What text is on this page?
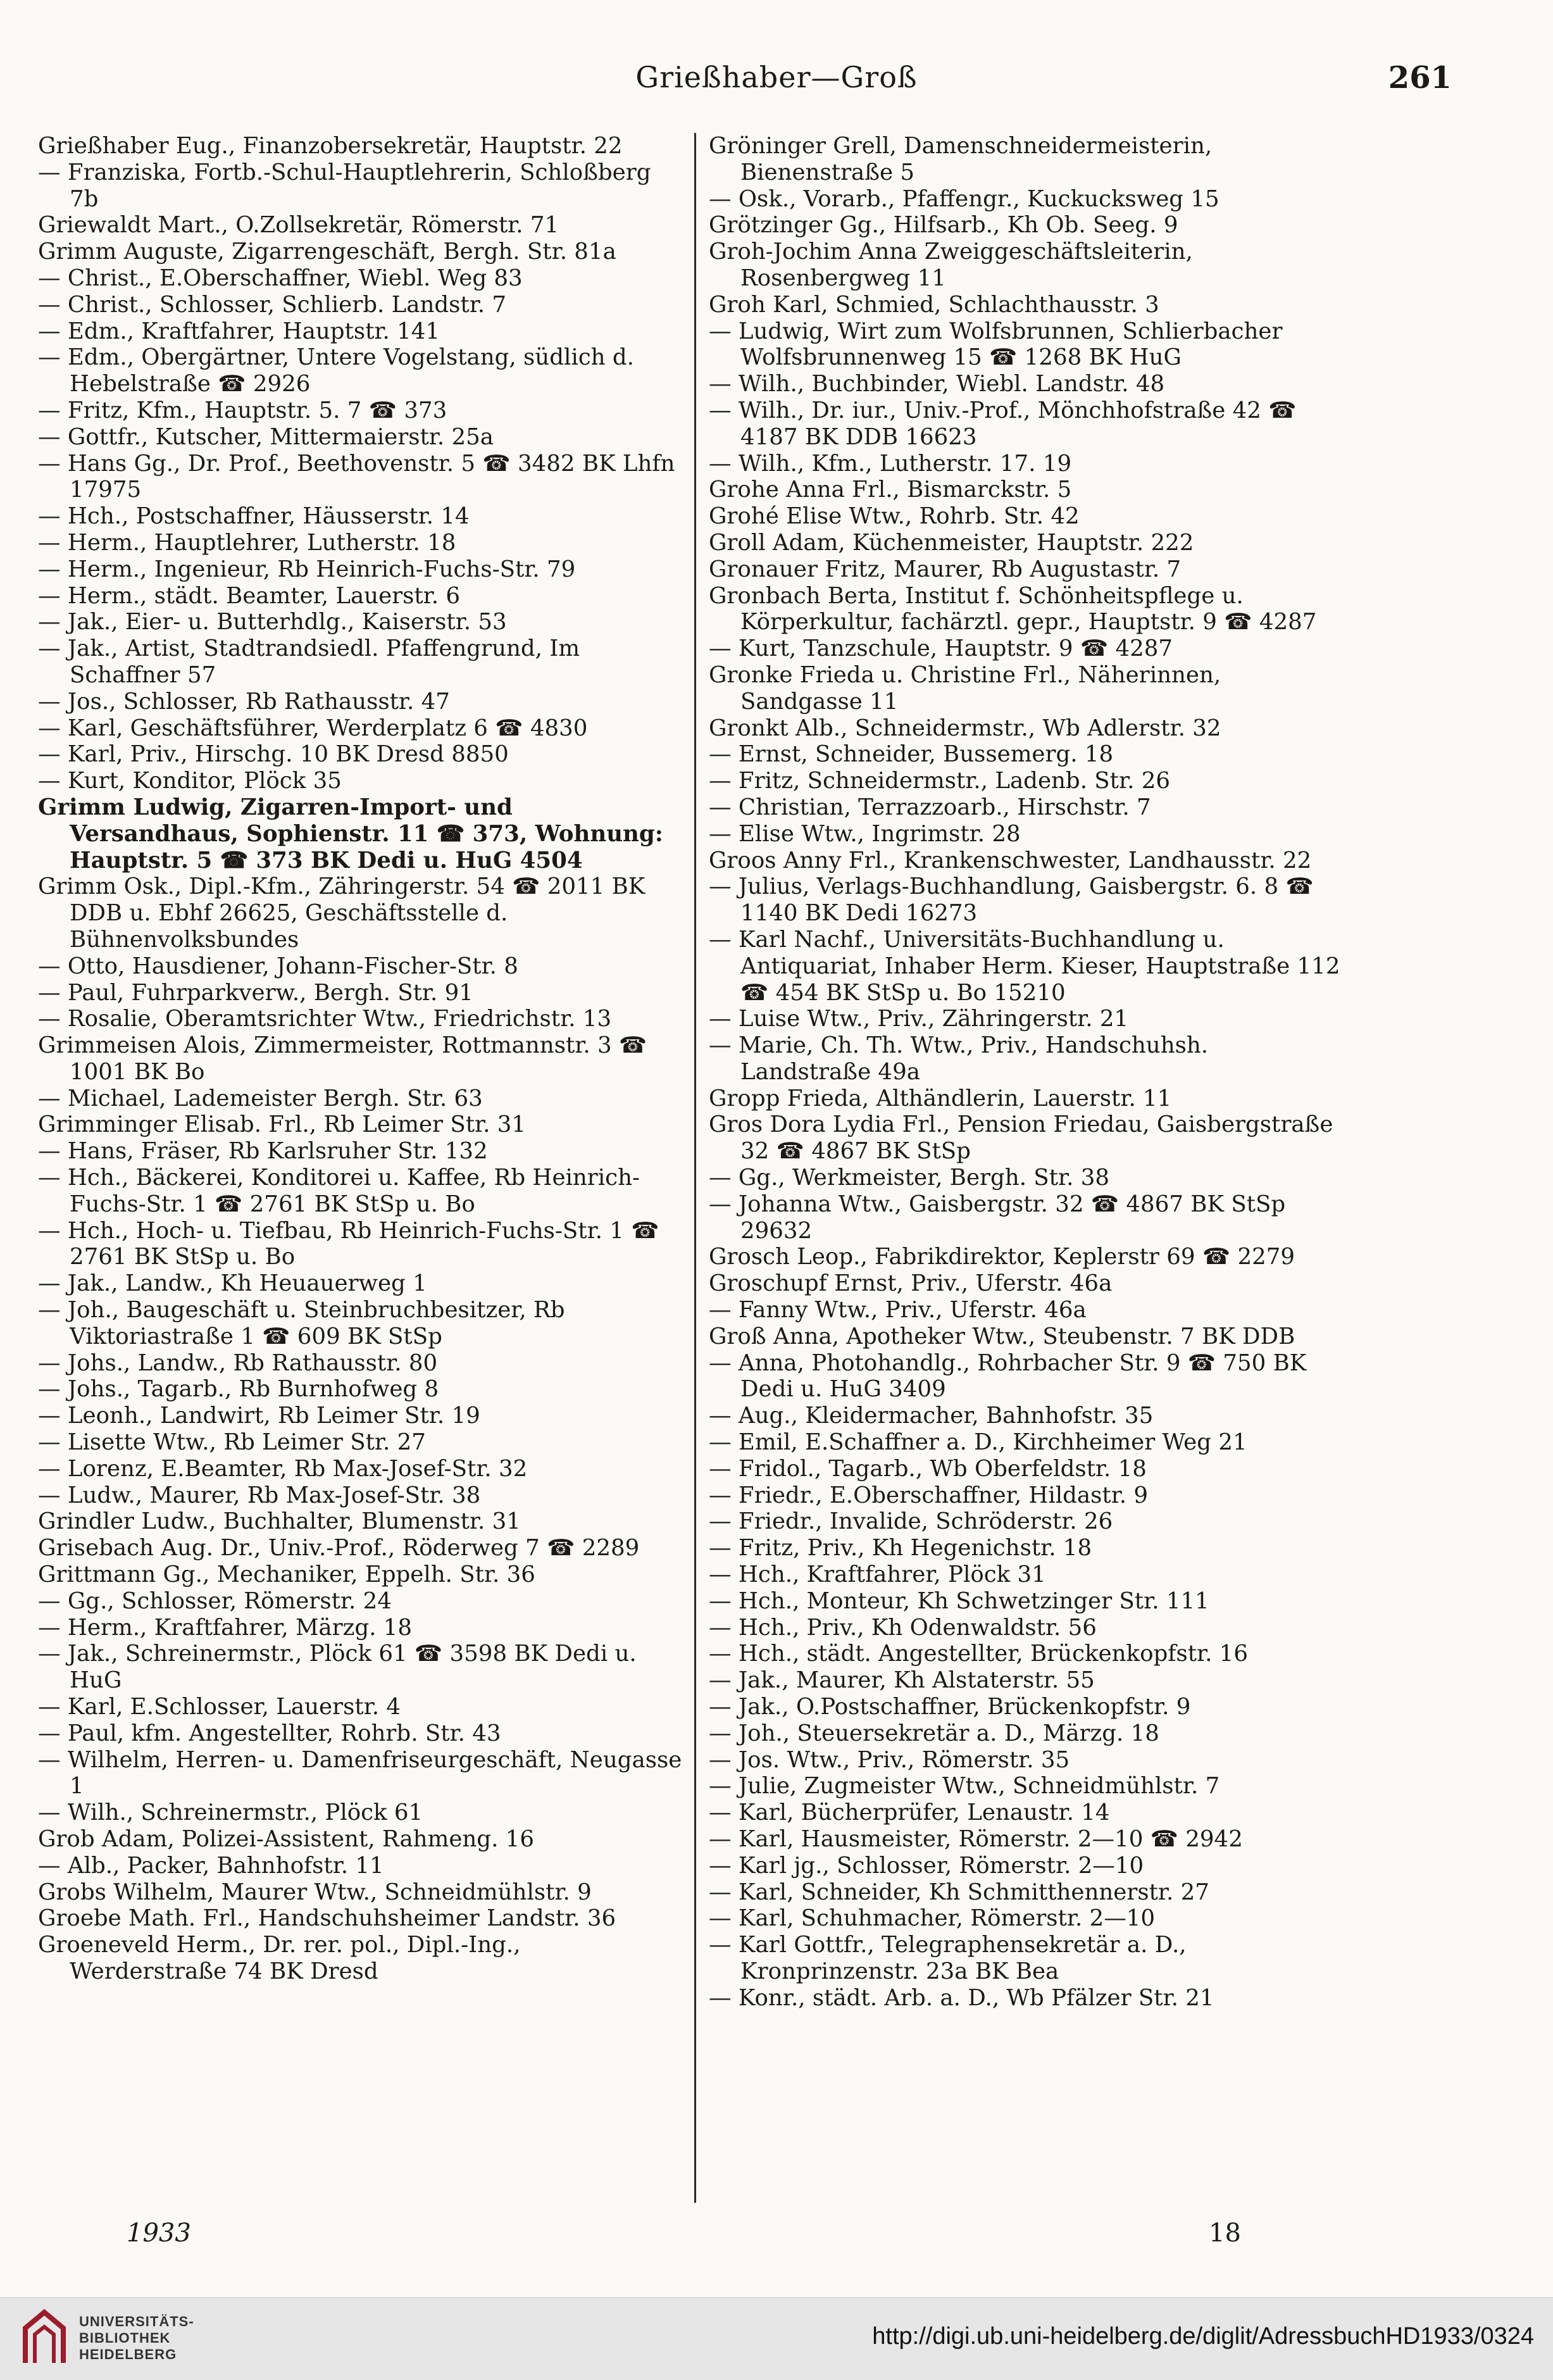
Grießhaber—Groß	261
Grießhaber Eug., Finanzobersekretär, Hauptstr. 22
— Franziska, Fortb.-Schul-Hauptlehrerin, Schloßberg 7b
Griewaldt Mart., O.Zollsekretär, Römerstr. 71
Grimm Auguste, Zigarrengeschäft, Bergh. Str. 81a
— Christ., E.Oberschaffner, Wiebl. Weg 83
— Christ., Schlosser, Schlierb. Landstr. 7
— Edm., Kraftfahrer, Hauptstr. 141
— Edm., Obergärtner, Untere Vogelstang, südlich d. Hebelstraße ☎ 2926
— Fritz, Kfm., Hauptstr. 5. 7 ☎ 373
— Gottfr., Kutscher, Mittermaierstr. 25a
— Hans Gg., Dr. Prof., Beethovenstr. 5 ☎ 3482 BK Lhfn 17975
— Hch., Postschaffner, Häusserstr. 14
— Herm., Hauptlehrer, Lutherstr. 18
— Herm., Ingenieur, Rb Heinrich-Fuchs-Str. 79
— Herm., städt. Beamter, Lauerstr. 6
— Jak., Eier- u. Butterhdlg., Kaiserstr. 53
— Jak., Artist, Stadtrandsiedl. Pfaffengrund, Im Schaffner 57
— Jos., Schlosser, Rb Rathausstr. 47
— Karl, Geschäftsführer, Werderplatz 6 ☎ 4830
— Karl, Priv., Hirschg. 10 BK Dresd 8850
— Kurt, Konditor, Plöck 35
Grimm Ludwig, Zigarren-Import- und Versandhaus, Sophienstr. 11 ☎ 373, Wohnung: Hauptstr. 5 ☎ 373 BK Dedi u. HuG 4504
Grimm Osk., Dipl.-Kfm., Zähringerstr. 54 ☎ 2011 BK DDB u. Ebhf 26625, Geschäftsstelle d. Bühnenvolksbundes
— Otto, Hausdiener, Johann-Fischer-Str. 8
— Paul, Fuhrparkverw., Bergh. Str. 91
— Rosalie, Oberamtsrichter Wtw., Friedrichstr. 13
Grimmeisen Alois, Zimmermeister, Rottmannstr. 3 ☎ 1001 BK Bo
— Michael, Lademeister Bergh. Str. 63
Grimminger Elisab. Frl., Rb Leimer Str. 31
— Hans, Fräser, Rb Karlsruher Str. 132
— Hch., Bäckerei, Konditorei u. Kaffee, Rb Heinrich-Fuchs-Str. 1 ☎ 2761 BK StSp u. Bo
— Hch., Hoch- u. Tiefbau, Rb Heinrich-Fuchs-Str. 1 ☎ 2761 BK StSp u. Bo
— Jak., Landw., Kh Heuauerweg 1
— Joh., Baugeschäft u. Steinbruchbesitzer, Rb Viktoriastraße 1 ☎ 609 BK StSp
— Johs., Landw., Rb Rathausstr. 80
— Johs., Tagarb., Rb Burnhofweg 8
— Leonh., Landwirt, Rb Leimer Str. 19
— Lisette Wtw., Rb Leimer Str. 27
— Lorenz, E.Beamter, Rb Max-Josef-Str. 32
— Ludw., Maurer, Rb Max-Josef-Str. 38
Grindler Ludw., Buchhalter, Blumenstr. 31
Grisebach Aug. Dr., Univ.-Prof., Röderweg 7 ☎ 2289
Grittmann Gg., Mechaniker, Eppelh. Str. 36
— Gg., Schlosser, Römerstr. 24
— Herm., Kraftfahrer, Märzg. 18
— Jak., Schreinermstr., Plöck 61 ☎ 3598 BK Dedi u. HuG
— Karl, E.Schlosser, Lauerstr. 4
— Paul, kfm. Angestellter, Rohrb. Str. 43
— Wilhelm, Herren- u. Damenfriseurgeschäft, Neugasse 1
— Wilh., Schreinermstr., Plöck 61
Grob Adam, Polizei-Assistent, Rahmeng. 16
— Alb., Packer, Bahnhofstr. 11
Grobs Wilhelm, Maurer Wtw., Schneidmühlstr. 9
Groebe Math. Frl., Handschuhsheimer Landstr. 36
Groeneveld Herm., Dr. rer. pol., Dipl.-Ing., Werderstraße 74 BK Dresd
Gröninger Grell, Damenschneidermeisterin, Bienenstraße 5
— Osk., Vorarb., Pfaffengr., Kuckucksweg 15
Grötzinger Gg., Hilfsarb., Kh Ob. Seeg. 9
Groh-Jochim Anna Zweiggeschäftsleiterin, Rosenbergweg 11
Groh Karl, Schmied, Schlachthausstr. 3
— Ludwig, Wirt zum Wolfsbrunnen, Schlierbacher Wolfsbrunnenweg 15 ☎ 1268 BK HuG
— Wilh., Buchbinder, Wiebl. Landstr. 48
— Wilh., Dr. iur., Univ.-Prof., Mönchhofstraße 42 ☎ 4187 BK DDB 16623
— Wilh., Kfm., Lutherstr. 17. 19
Grohe Anna Frl., Bismarckstr. 5
Grohé Elise Wtw., Rohrb. Str. 42
Groll Adam, Küchenmeister, Hauptstr. 222
Gronauer Fritz, Maurer, Rb Augustastr. 7
Gronbach Berta, Institut f. Schönheitspflege u. Körperkultur, fachärztl. gepr., Hauptstr. 9 ☎ 4287
— Kurt, Tanzschule, Hauptstr. 9 ☎ 4287
Gronke Frieda u. Christine Frl., Näherinnen, Sandgasse 11
Gronkt Alb., Schneidermstr., Wb Adlerstr. 32
— Ernst, Schneider, Bussemerg. 18
— Fritz, Schneidermstr., Ladenb. Str. 26
— Christian, Terrazzoarb., Hirschstr. 7
— Elise Wtw., Ingrimstr. 28
Groos Anny Frl., Krankenschwester, Landhausstr. 22
— Julius, Verlags-Buchhandlung, Gaisbergstr. 6. 8 ☎ 1140 BK Dedi 16273
— Karl Nachf., Universitäts-Buchhandlung u. Antiquariat, Inhaber Herm. Kieser, Hauptstraße 112 ☎ 454 BK StSp u. Bo 15210
— Luise Wtw., Priv., Zähringerstr. 21
— Marie, Ch. Th. Wtw., Priv., Handschuhsh. Landstraße 49a
Gropp Frieda, Althändlerin, Lauerstr. 11
Gros Dora Lydia Frl., Pension Friedau, Gaisbergstraße 32 ☎ 4867 BK StSp
— Gg., Werkmeister, Bergh. Str. 38
— Johanna Wtw., Gaisbergstr. 32 ☎ 4867 BK StSp 29632
Grosch Leop., Fabrikdirektor, Keplerstr 69 ☎ 2279
Groschupf Ernst, Priv., Uferstr. 46a
— Fanny Wtw., Priv., Uferstr. 46a
Groß Anna, Apotheker Wtw., Steubenstr. 7 BK DDB
— Anna, Photohandlg., Rohrbacher Str. 9 ☎ 750 BK Dedi u. HuG 3409
— Aug., Kleidermacher, Bahnhofstr. 35
— Emil, E.Schaffner a. D., Kirchheimer Weg 21
— Fridol., Tagarb., Wb Oberfeldstr. 18
— Friedr., E.Oberschaffner, Hildastr. 9
— Friedr., Invalide, Schröderstr. 26
— Fritz, Priv., Kh Hegenichstr. 18
— Hch., Kraftfahrer, Plöck 31
— Hch., Monteur, Kh Schwetzinger Str. 111
— Hch., Priv., Kh Odenwaldstr. 56
— Hch., städt. Angestellter, Brückenkopfstr. 16
— Jak., Maurer, Kh Alstaterstr. 55
— Jak., O.Postschaffner, Brückenkopfstr. 9
— Joh., Steuersekretär a. D., Märzg. 18
— Jos. Wtw., Priv., Römerstr. 35
— Julie, Zugmeister Wtw., Schneidmühlstr. 7
— Karl, Bücherprüfer, Lenaustr. 14
— Karl, Hausmeister, Römerstr. 2—10 ☎ 2942
— Karl jg., Schlosser, Römerstr. 2—10
— Karl, Schneider, Kh Schmitthennerstr. 27
— Karl, Schuhmacher, Römerstr. 2—10
— Karl Gottfr., Telegraphensekretär a. D., Kronprinzenstr. 23a BK Bea
— Konr., städt. Arb. a. D., Wb Pfälzer Str. 21
1933	18
UNIVERSITÄTS-
BIBLIOTHEK
HEIDELBERG
http://digi.ub.uni-heidelberg.de/diglit/AdressbuchHD1933/0324
